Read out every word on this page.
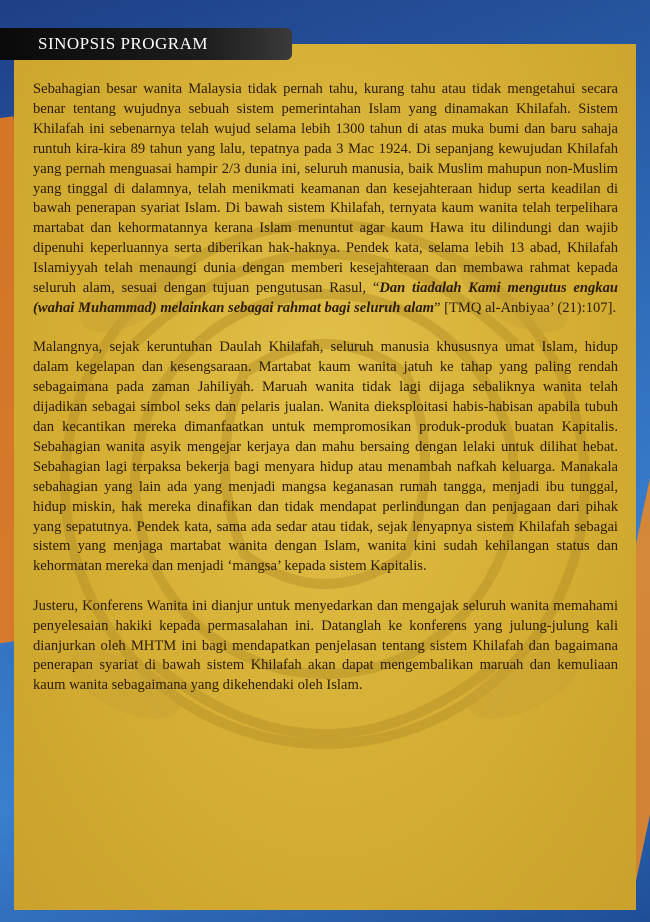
SINOPSIS PROGRAM

Sebahagian besar wanita Malaysia tidak pernah tahu, kurang tahu atau tidak mengetahui secara benar tentang wujudnya sebuah sistem pemerintahan Islam yang dinamakan Khilafah. Sistem Khilafah ini sebenarnya telah wujud selama lebih 1300 tahun di atas muka bumi dan baru sahaja runtuh kira-kira 89 tahun yang lalu, tepatnya pada 3 Mac 1924. Di sepanjang kewujudan Khilafah yang pernah menguasai hampir 2/3 dunia ini, seluruh manusia, baik Muslim mahupun non-Muslim yang tinggal di dalamnya, telah menikmati keamanan dan kesejahteraan hidup serta keadilan di bawah penerapan syariat Islam. Di bawah sistem Khilafah, ternyata kaum wanita telah terpelihara martabat dan kehormatannya kerana Islam menuntut agar kaum Hawa itu dilindungi dan wajib dipenuhi keperluannya serta diberikan hak-haknya. Pendek kata, selama lebih 13 abad, Khilafah Islamiyyah telah menaungi dunia dengan memberi kesejahteraan dan membawa rahmat kepada seluruh alam, sesuai dengan tujuan pengutusan Rasul, “Dan tiadalah Kami mengutus engkau (wahai Muhammad) melainkan sebagai rahmat bagi seluruh alam” [TMQ al-Anbiyaa’ (21):107].

Malangnya, sejak keruntuhan Daulah Khilafah, seluruh manusia khususnya umat Islam, hidup dalam kegelapan dan kesengsaraan. Martabat kaum wanita jatuh ke tahap yang paling rendah sebagaimana pada zaman Jahiliyah. Maruah wanita tidak lagi dijaga sebaliknya wanita telah dijadikan sebagai simbol seks dan pelaris jualan. Wanita dieksploitasi habis-habisan apabila tubuh dan kecantikan mereka dimanfaatkan untuk mempromosikan produk-produk buatan Kapitalis. Sebahagian wanita asyik mengejar kerjaya dan mahu bersaing dengan lelaki untuk dilihat hebat. Sebahagian lagi terpaksa bekerja bagi menyara hidup atau menambah nafkah keluarga. Manakala sebahagian yang lain ada yang menjadi mangsa keganasan rumah tangga, menjadi ibu tunggal, hidup miskin, hak mereka dinafikan dan tidak mendapat perlindungan dan penjagaan dari pihak yang sepatutnya. Pendek kata, sama ada sedar atau tidak, sejak lenyapnya sistem Khilafah sebagai sistem yang menjaga martabat wanita dengan Islam, wanita kini sudah kehilangan status dan kehormatan mereka dan menjadi ‘mangsa’ kepada sistem Kapitalis.

Justeru, Konferens Wanita ini dianjur untuk menyedarkan dan mengajak seluruh wanita memahami penyelesaian hakiki kepada permasalahan ini. Datanglah ke konferens yang julung-julung kali dianjurkan oleh MHTM ini bagi mendapatkan penjelasan tentang sistem Khilafah dan bagaimana penerapan syariat di bawah sistem Khilafah akan dapat mengembalikan maruah dan kemuliaan kaum wanita sebagaimana yang dikehendaki oleh Islam.
